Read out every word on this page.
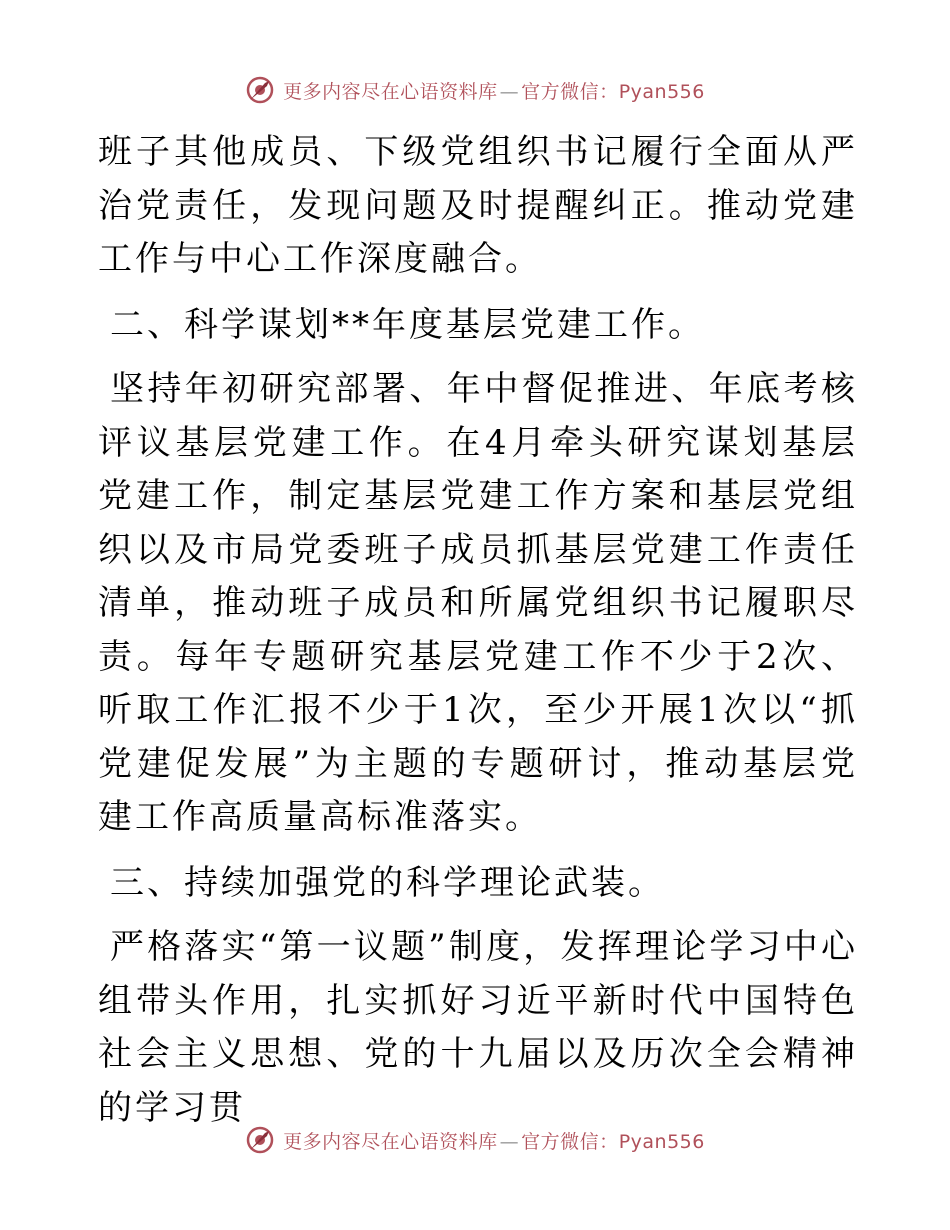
更多内容尽在心语资料库 — 官方微信：Pyan556

班子其他成员、下级党组织书记履行全面从严治党责任，发现问题及时提醒纠正。推动党建工作与中心工作深度融合。

二、科学谋划**年度基层党建工作。

坚持年初研究部署、年中督促推进、年底考核评议基层党建工作。在4月牵头研究谋划基层党建工作，制定基层党建工作方案和基层党组织以及市局党委班子成员抓基层党建工作责任清单，推动班子成员和所属党组织书记履职尽责。每年专题研究基层党建工作不少于2次、听取工作汇报不少于1次，至少开展1次以“抓党建促发展”为主题的专题研讨，推动基层党建工作高质量高标准落实。

三、持续加强党的科学理论武装。

严格落实“第一议题”制度，发挥理论学习中心组带头作用，扎实抓好习近平新时代中国特色社会主义思想、党的十九届以及历次全会精神的学习贯

更多内容尽在心语资料库 — 官方微信：Pyan556
